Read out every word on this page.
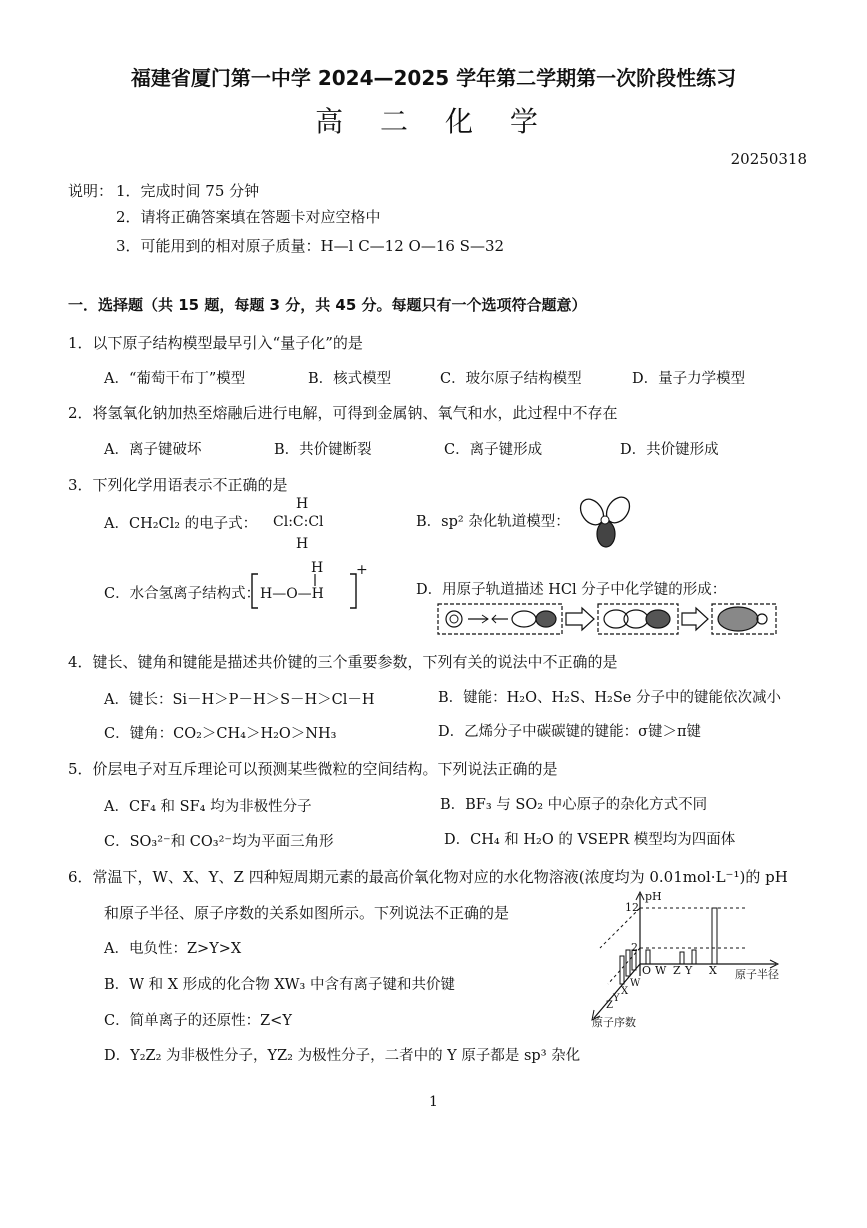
福建省厦门第一中学 2024—2025 学年第二学期第一次阶段性练习
高 二 化 学
20250318
说明： 1．完成时间 75 分钟
2．请将正确答案填在答题卡对应空格中
3．可能用到的相对原子质量：H—l C—12 O—16 S—32
一．选择题（共 15 题，每题 3 分，共 45 分。每题只有一个选项符合题意）
1．以下原子结构模型最早引入“量子化”的是
A．“葡萄干布丁”模型	B．核式模型	C．玻尔原子结构模型	D．量子力学模型
2．将氢氧化钠加热至熔融后进行电解，可得到金属钠、氧气和水，此过程中不存在
A．离子键破坏	B．共价键断裂	C．离子键形成	D．共价键形成
3．下列化学用语表示不正确的是
A．CH₂Cl₂ 的电子式：
H
Cl:C:Cl
H
B．sp² 杂化轨道模型：
C．水合氢离子结构式：
H
H—O—H
+
D．用原子轨道描述 HCl 分子中化学键的形成：
4．键长、键角和键能是描述共价键的三个重要参数，下列有关的说法中不正确的是
A．键长：Si－H＞P－H＞S－H＞Cl－H	B．键能：H₂O、H₂S、H₂Se 分子中的键能依次减小
C．键角：CO₂＞CH₄＞H₂O＞NH₃	D．乙烯分子中碳碳键的键能：σ键＞π键
5．价层电子对互斥理论可以预测某些微粒的空间结构。下列说法正确的是
A．CF₄ 和 SF₄ 均为非极性分子	B．BF₃ 与 SO₂ 中心原子的杂化方式不同
C．SO₃²⁻和 CO₃²⁻均为平面三角形	D．CH₄ 和 H₂O 的 VSEPR 模型均为四面体
6．常温下，W、X、Y、Z 四种短周期元素的最高价氧化物对应的水化物溶液(浓度均为 0.01mol·L⁻¹)的 pH
和原子半径、原子序数的关系如图所示。下列说法不正确的是
A．电负性：Z>Y>X
B．W 和 X 形成的化合物 XW₃ 中含有离子键和共价键
C．简单离子的还原性：Z<Y
D．Y₂Z₂ 为非极性分子，YZ₂ 为极性分子，二者中的 Y 原子都是 sp³ 杂化
pH
12
2
O W Z Y X 原子半径
Z
Y
X
W
原子序数
1
